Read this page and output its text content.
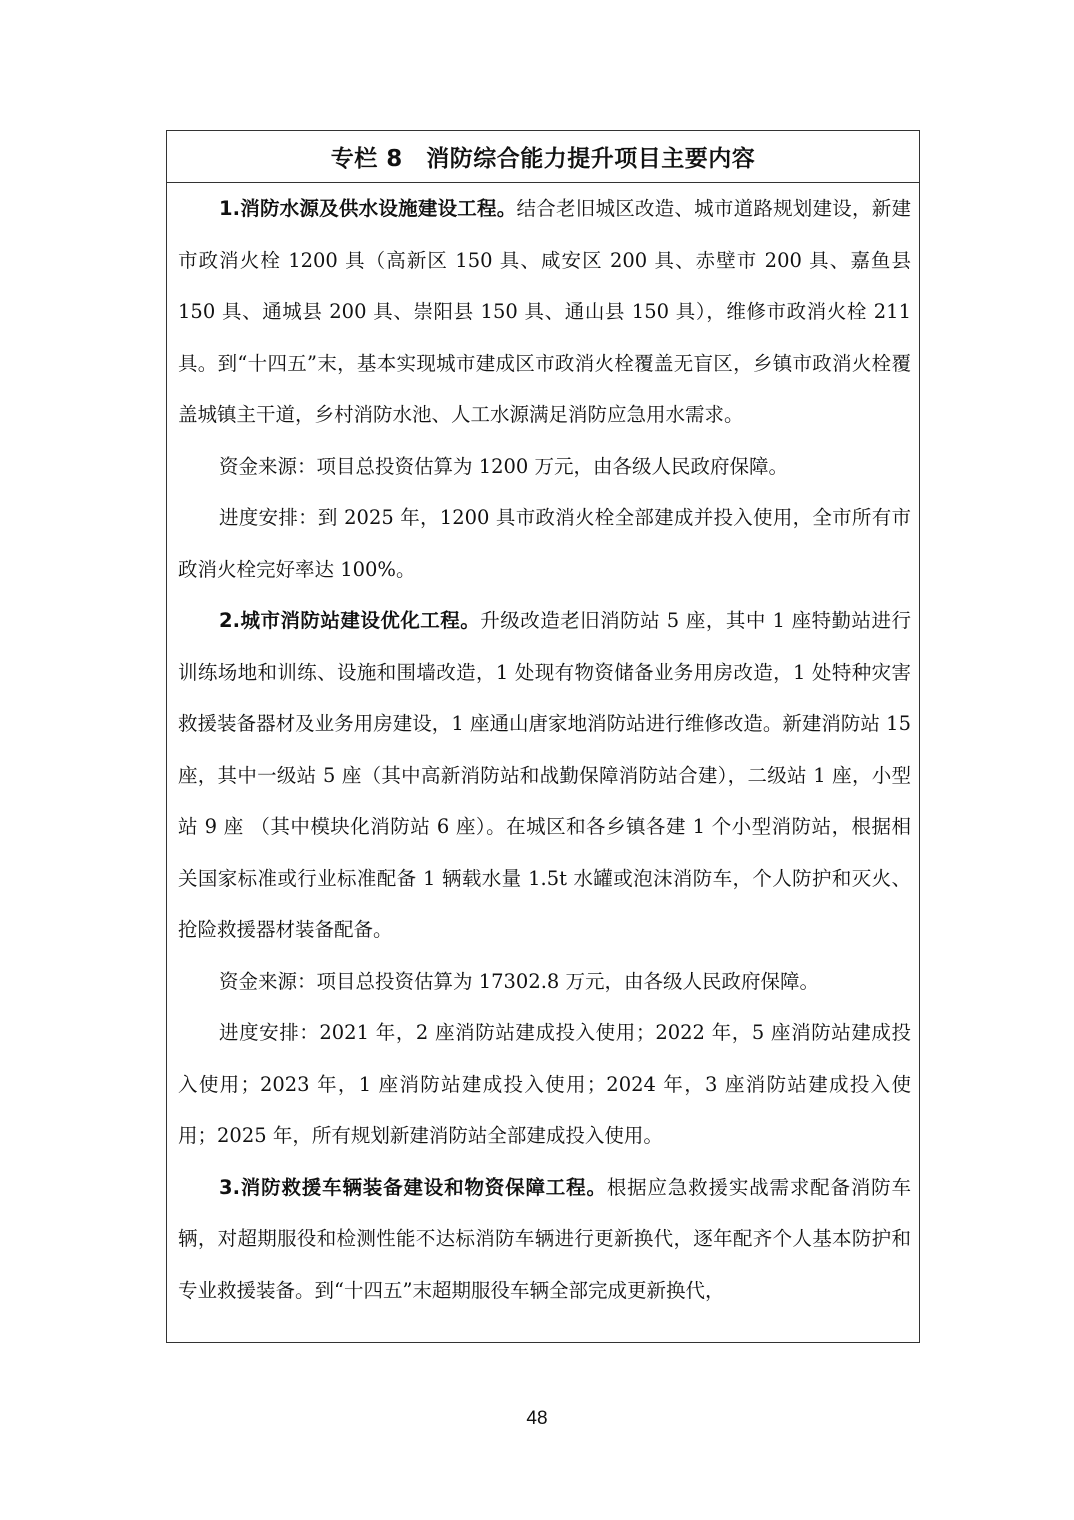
专栏 8　消防综合能力提升项目主要内容

1.消防水源及供水设施建设工程。结合老旧城区改造、城市道路规划建设，新建市政消火栓 1200 具（高新区 150 具、咸安区 200 具、赤壁市 200 具、嘉鱼县 150 具、通城县 200 具、崇阳县 150 具、通山县 150 具），维修市政消火栓 211 具。到“十四五”末，基本实现城市建成区市政消火栓覆盖无盲区，乡镇市政消火栓覆盖城镇主干道，乡村消防水池、人工水源满足消防应急用水需求。

资金来源：项目总投资估算为 1200 万元，由各级人民政府保障。

进度安排：到 2025 年，1200 具市政消火栓全部建成并投入使用，全市所有市政消火栓完好率达 100%。

2.城市消防站建设优化工程。升级改造老旧消防站 5 座，其中 1 座特勤站进行训练场地和训练、设施和围墙改造，1 处现有物资储备业务用房改造，1 处特种灾害救援装备器材及业务用房建设，1 座通山唐家地消防站进行维修改造。新建消防站 15 座，其中一级站 5 座（其中高新消防站和战勤保障消防站合建），二级站 1 座，小型站 9 座 （其中模块化消防站 6 座）。在城区和各乡镇各建 1 个小型消防站，根据相关国家标准或行业标准配备 1 辆载水量 1.5t 水罐或泡沫消防车，个人防护和灭火、抢险救援器材装备配备。

资金来源：项目总投资估算为 17302.8 万元，由各级人民政府保障。

进度安排：2021 年，2 座消防站建成投入使用；2022 年，5 座消防站建成投入使用；2023 年，1 座消防站建成投入使用；2024 年，3 座消防站建成投入使用；2025 年，所有规划新建消防站全部建成投入使用。

3.消防救援车辆装备建设和物资保障工程。根据应急救援实战需求配备消防车辆，对超期服役和检测性能不达标消防车辆进行更新换代，逐年配齐个人基本防护和专业救援装备。到“十四五”末超期服役车辆全部完成更新换代，

48
